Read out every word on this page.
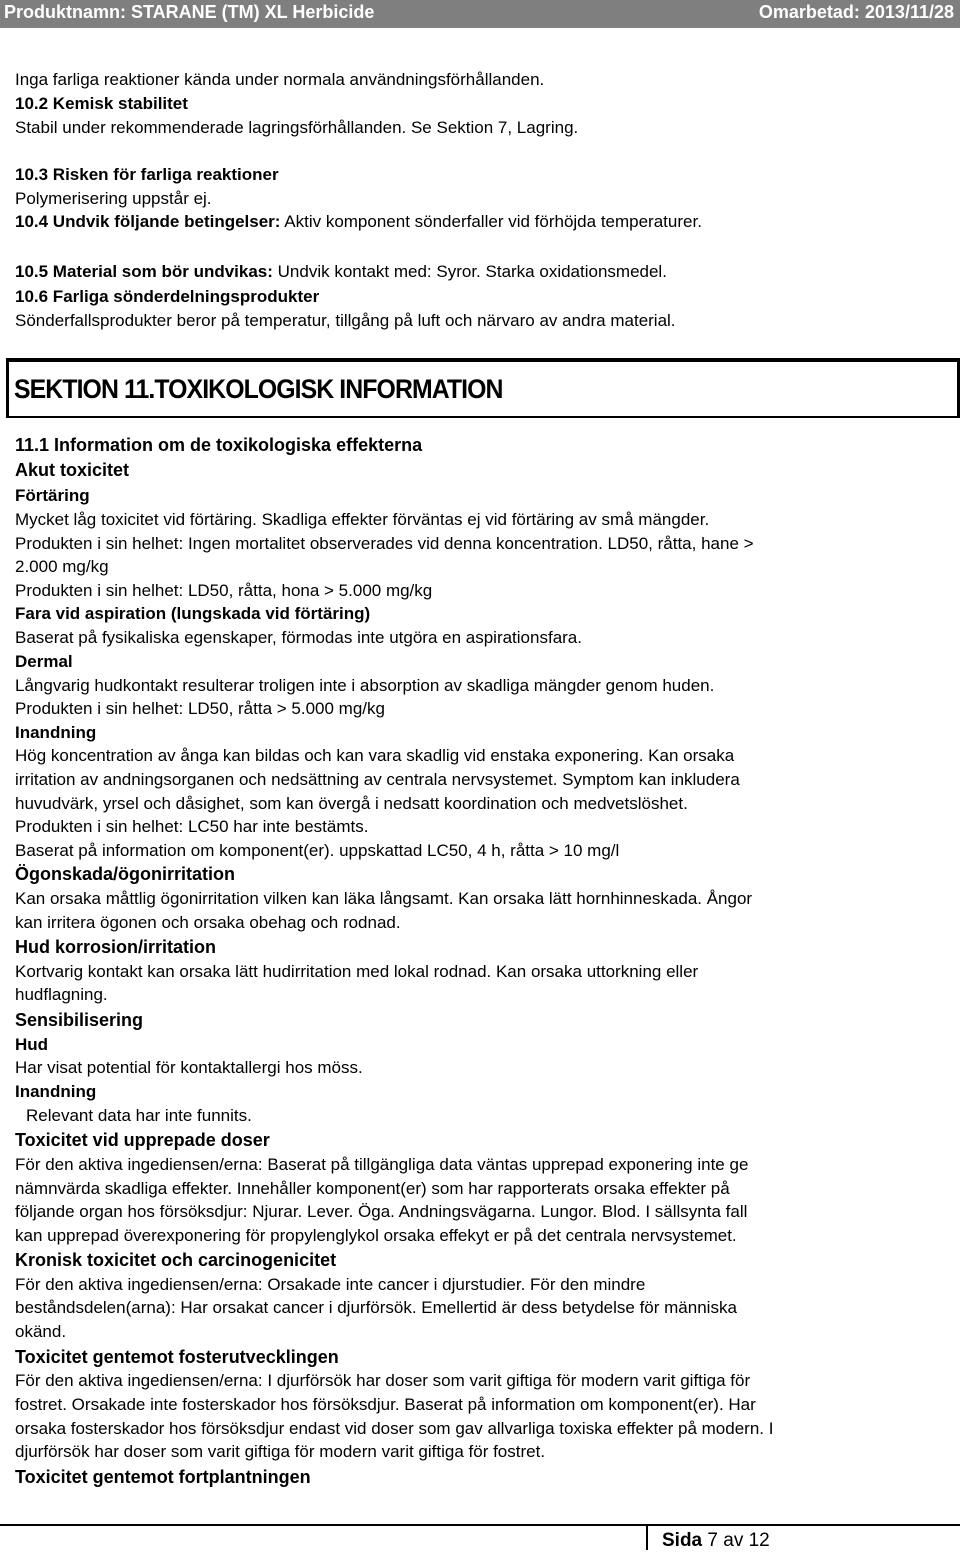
Produktnamn: STARANE (TM) XL Herbicide	Omarbetad: 2013/11/28
Inga farliga reaktioner kända under normala användningsförhållanden.
10.2 Kemisk stabilitet
Stabil under rekommenderade lagringsförhållanden. Se Sektion 7, Lagring.
10.3 Risken för farliga reaktioner
Polymerisering uppstår ej.
10.4 Undvik följande betingelser: Aktiv komponent sönderfaller vid förhöjda temperaturer.
10.5 Material som bör undvikas: Undvik kontakt med: Syror. Starka oxidationsmedel.
10.6 Farliga sönderdelningsprodukter
Sönderfallsprodukter beror på temperatur, tillgång på luft och närvaro av andra material.
SEKTION 11.TOXIKOLOGISK INFORMATION
11.1 Information om de toxikologiska effekterna
Akut toxicitet
Förtäring
Mycket låg toxicitet vid förtäring. Skadliga effekter förväntas ej vid förtäring av små mängder.
Produkten i sin helhet: Ingen mortalitet observerades vid denna koncentration. LD50, råtta, hane >
2.000 mg/kg
Produkten i sin helhet: LD50, råtta, hona > 5.000 mg/kg
Fara vid aspiration (lungskada vid förtäring)
Baserat på fysikaliska egenskaper, förmodas inte utgöra en aspirationsfara.
Dermal
Långvarig hudkontakt resulterar troligen inte i absorption av skadliga mängder genom huden.
Produkten i sin helhet: LD50, råtta > 5.000 mg/kg
Inandning
Hög koncentration av ånga kan bildas och kan vara skadlig vid enstaka exponering. Kan orsaka
irritation av andningsorganen och nedsättning av centrala nervsystemet. Symptom kan inkludera
huvudvärk, yrsel och dåsighet, som kan övergå i nedsatt koordination och medvetslöshet.
Produkten i sin helhet: LC50 har inte bestämts.
Baserat på information om komponent(er). uppskattad LC50, 4 h, råtta > 10 mg/l
Ögonskada/ögonirritation
Kan orsaka måttlig ögonirritation vilken kan läka långsamt. Kan orsaka lätt hornhinneskada. Ångor
kan irritera ögonen och orsaka obehag och rodnad.
Hud korrosion/irritation
Kortvarig kontakt kan orsaka lätt hudirritation med lokal rodnad. Kan orsaka uttorkning eller
hudflagning.
Sensibilisering
Hud
Har visat potential för kontaktallergi hos möss.
Inandning
Relevant data har inte funnits.
Toxicitet vid upprepade doser
För den aktiva ingediensen/erna: Baserat på tillgängliga data väntas upprepad exponering inte ge
nämnvärda skadliga effekter. Innehåller komponent(er) som har rapporterats orsaka effekter på
följande organ hos försöksdjur: Njurar. Lever. Öga. Andningsvägarna. Lungor. Blod. I sällsynta fall
kan upprepad överexponering för propylenglykol orsaka effekyt er på det centrala nervsystemet.
Kronisk toxicitet och carcinogenicitet
För den aktiva ingediensen/erna: Orsakade inte cancer i djurstudier. För den mindre
beståndsdelen(arna): Har orsakat cancer i djurförsök. Emellertid är dess betydelse för människa
okänd.
Toxicitet gentemot fosterutvecklingen
För den aktiva ingediensen/erna: I djurförsök har doser som varit giftiga för modern varit giftiga för
fostret. Orsakade inte fosterskador hos försöksdjur. Baserat på information om komponent(er). Har
orsaka fosterskador hos försöksdjur endast vid doser som gav allvarliga toxiska effekter på modern. I
djurförsök har doser som varit giftiga för modern varit giftiga för fostret.
Toxicitet gentemot fortplantningen
Sida 7 av 12
